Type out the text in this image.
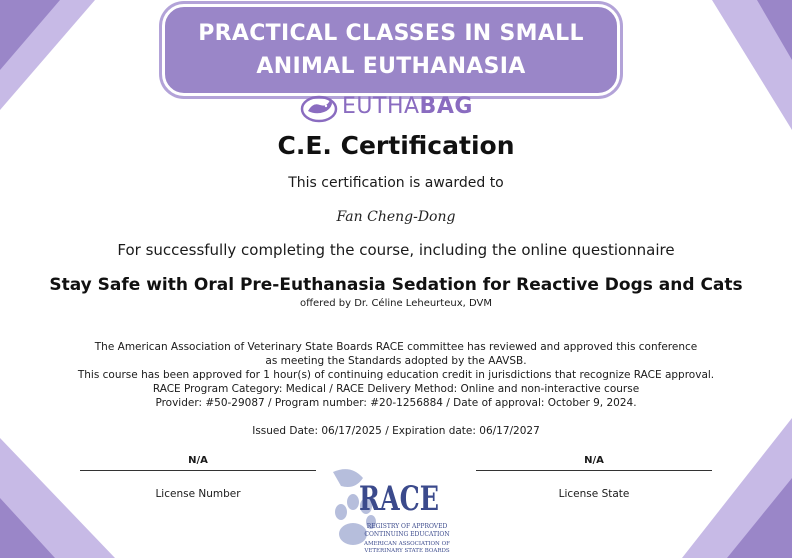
PRACTICAL CLASSES IN SMALL
ANIMAL EUTHANASIA
EUTHABAG
C.E. Certification
This certification is awarded to
Fan Cheng-Dong
For successfully completing the course, including the online questionnaire
Stay Safe with Oral Pre-Euthanasia Sedation for Reactive Dogs and Cats
offered by Dr. Céline Leheurteux, DVM
The American Association of Veterinary State Boards RACE committee has reviewed and approved this conference
as meeting the Standards adopted by the AAVSB.
This course has been approved for 1 hour(s) of continuing education credit in jurisdictions that recognize RACE approval.
RACE Program Category: Medical / RACE Delivery Method: Online and non-interactive course
Provider: #50-29087 / Program number: #20-1256884 / Date of approval: October 9, 2024.
Issued Date: 06/17/2025 / Expiration date: 06/17/2027
N/A
License Number
N/A
License State
RACE
REGISTRY OF APPROVED
CONTINUING EDUCATION
AMERICAN ASSOCIATION OF
VETERINARY STATE BOARDS
